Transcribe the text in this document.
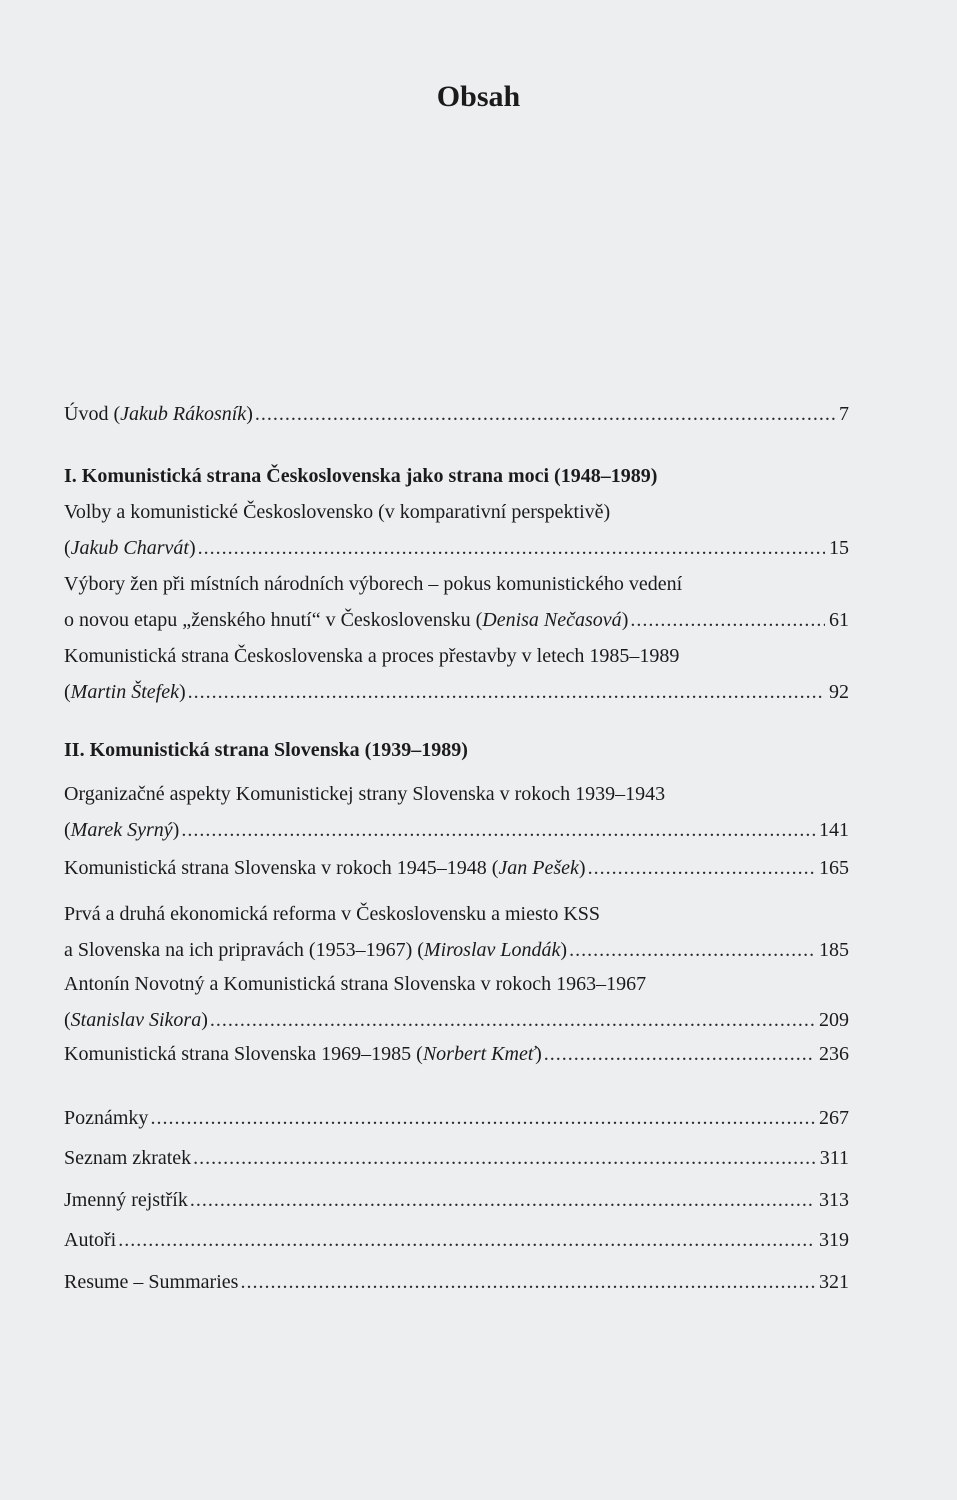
Obsah
Úvod (Jakub Rákosník) .....	7
I. Komunistická strana Československa jako strana moci (1948–1989)
Volby a komunistické Československo (v komparativní perspektivě)
(Jakub Charvát) .....	15
Výbory žen při místních národních výborech – pokus komunistického vedení
o novou etapu „ženského hnutí“ v Československu (Denisa Nečasová) .....	61
Komunistická strana Československa a proces přestavby v letech 1985–1989
(Martin Štefek) .....	92
II. Komunistická strana Slovenska (1939–1989)
Organizačné aspekty Komunistickej strany Slovenska v rokoch 1939–1943
(Marek Syrný) .....	141
Komunistická strana Slovenska v rokoch 1945–1948 (Jan Pešek) .....	165
Prvá a druhá ekonomická reforma v Československu a miesto KSS
a Slovenska na ich pripravách (1953–1967) (Miroslav Londák) .....	185
Antonín Novotný a Komunistická strana Slovenska v rokoch 1963–1967
(Stanislav Sikora) .....	209
Komunistická strana Slovenska 1969–1985 (Norbert Kmeť) .....	236
Poznámky .....	267
Seznam zkratek .....	311
Jmenný rejstřík .....	313
Autoři .....	319
Resume – Summaries .....	321
